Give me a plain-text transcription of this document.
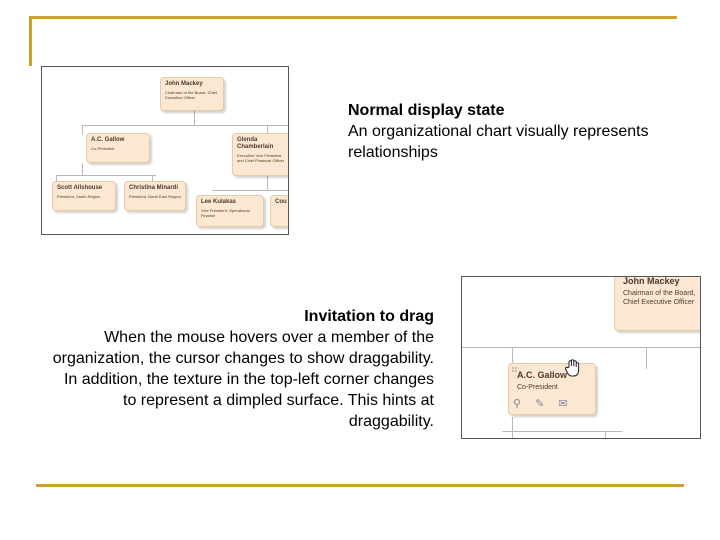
John Mackey
Chairman of the Board, Chief Executive Officer
A.C. Gallow
Co-President
Glenda Chamberlain
Executive Vice President and Chief Financial Officer
Scott Allshouse
President, South Region
Christina Minardi
President, North East Region
Lee Kulakas
Vice President, Operational Finance
Cou
Normal display state
An organizational chart visually represents relationships
Invitation to drag
When the mouse hovers over a member of the organization, the cursor changes to show draggability. In addition, the texture in the top-left corner changes to represent a dimpled surface. This hints at draggability.
John Mackey
Chairman of the Board, Chief Executive Officer
A.C. Gallow
Co-President
⚲✎✉
